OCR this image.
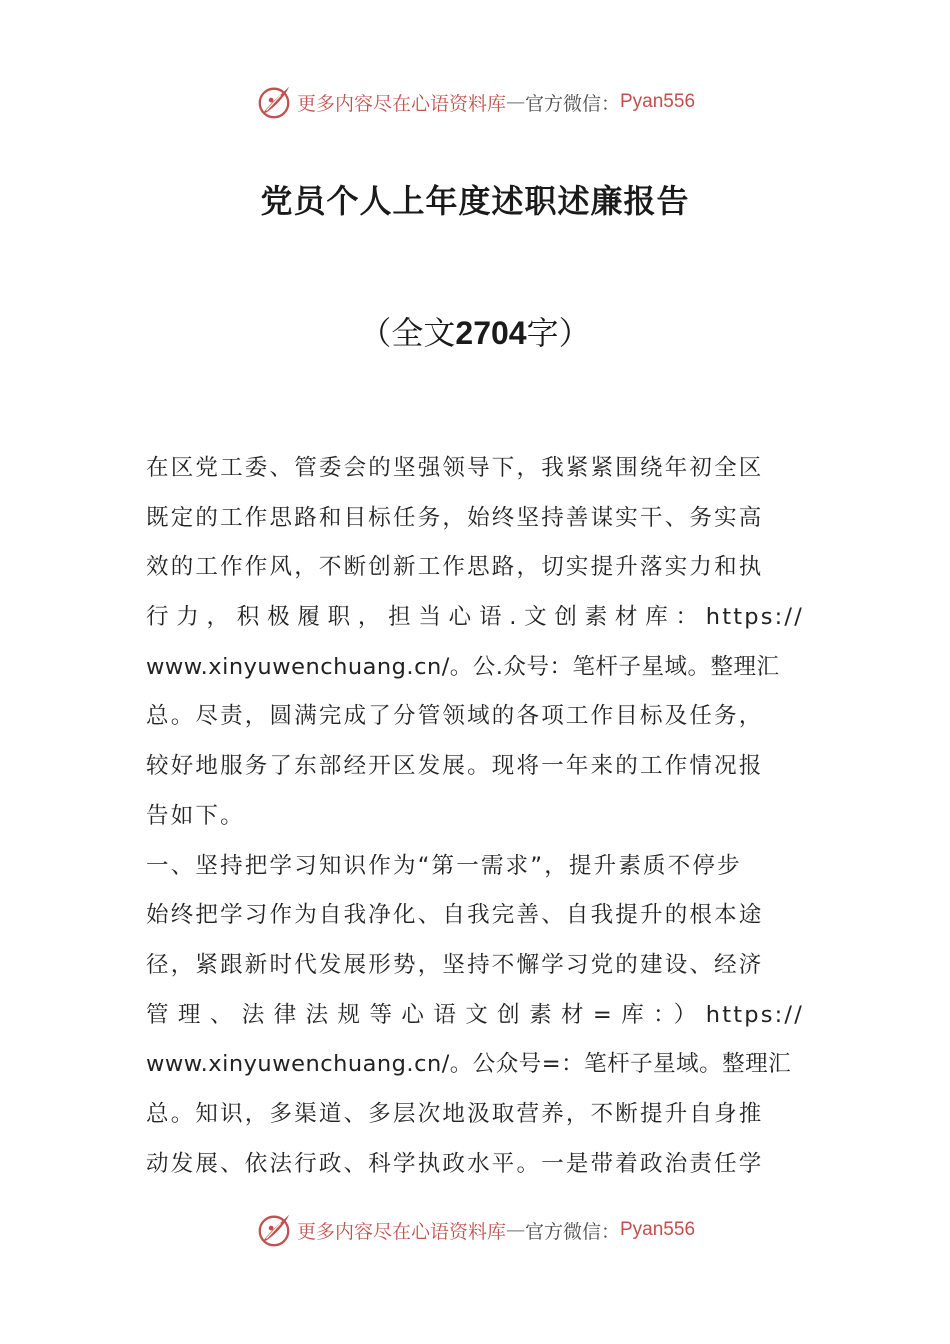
更多内容尽在心语资料库 — 官方微信： Pyan556
党员个人上年度述职述廉报告

（全文2704字）

在区党工委、管委会的坚强领导下，我紧紧围绕年初全区
既定的工作思路和目标任务，始终坚持善谋实干、务实高
效的工作作风，不断创新工作思路，切实提升落实力和执
行力，积极履职，担当心语.文创素材库：https://
www.xinyuwenchuang.cn/。公.众号：笔杆子星域。整理汇
总。尽责，圆满完成了分管领域的各项工作目标及任务，
较好地服务了东部经开区发展。现将一年来的工作情况报
告如下。
一、坚持把学习知识作为“第一需求”，提升素质不停步
始终把学习作为自我净化、自我完善、自我提升的根本途
径，紧跟新时代发展形势，坚持不懈学习党的建设、经济
管理、法律法规等心语文创素材=库：）https://
www.xinyuwenchuang.cn/。公众号=：笔杆子星域。整理汇
总。知识，多渠道、多层次地汲取营养，不断提升自身推
动发展、依法行政、科学执政水平。一是带着政治责任学
更多内容尽在心语资料库 — 官方微信： Pyan556
